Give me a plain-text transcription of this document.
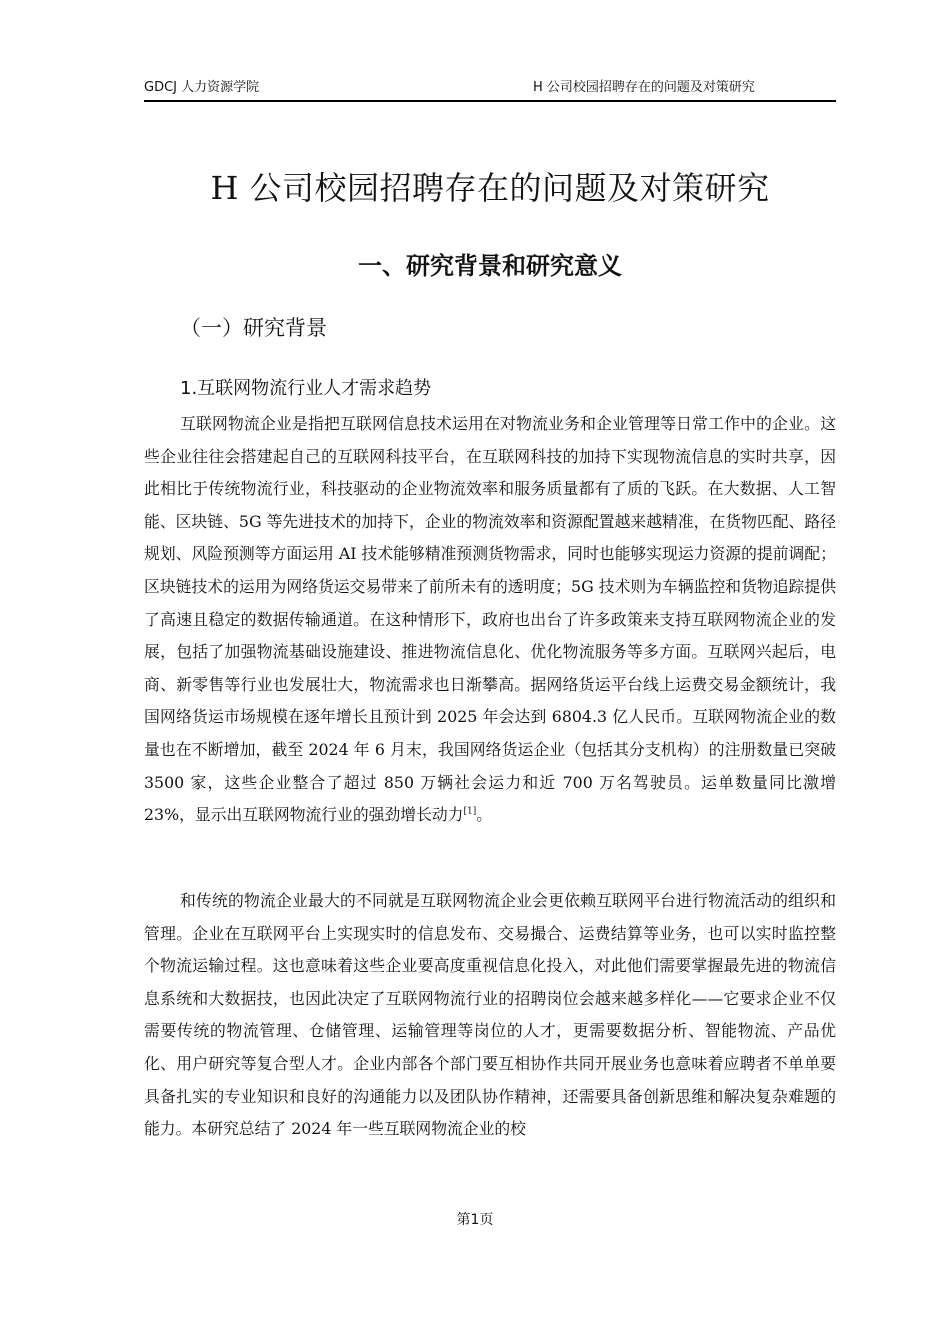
GDCJ 人力资源学院	H 公司校园招聘存在的问题及对策研究
H 公司校园招聘存在的问题及对策研究
一、研究背景和研究意义
（一）研究背景
1.互联网物流行业人才需求趋势

互联网物流企业是指把互联网信息技术运用在对物流业务和企业管理等日常工作中的企业。这些企业往往会搭建起自己的互联网科技平台，在互联网科技的加持下实现物流信息的实时共享，因此相比于传统物流行业，科技驱动的企业物流效率和服务质量都有了质的飞跃。在大数据、人工智能、区块链、5G 等先进技术的加持下，企业的物流效率和资源配置越来越精准，在货物匹配、路径规划、风险预测等方面运用 AI 技术能够精准预测货物需求，同时也能够实现运力资源的提前调配；区块链技术的运用为网络货运交易带来了前所未有的透明度；5G 技术则为车辆监控和货物追踪提供了高速且稳定的数据传输通道。在这种情形下，政府也出台了许多政策来支持互联网物流企业的发展，包括了加强物流基础设施建设、推进物流信息化、优化物流服务等多方面。互联网兴起后，电商、新零售等行业也发展壮大，物流需求也日渐攀高。据网络货运平台线上运费交易金额统计，我国网络货运市场规模在逐年增长且预计到 2025 年会达到 6804.3 亿人民币。互联网物流企业的数量也在不断增加，截至 2024 年 6 月末，我国网络货运企业（包括其分支机构）的注册数量已突破 3500 家，这些企业整合了超过 850 万辆社会运力和近 700 万名驾驶员。运单数量同比激增 23%，显示出互联网物流行业的强劲增长动力[1]。

和传统的物流企业最大的不同就是互联网物流企业会更依赖互联网平台进行物流活动的组织和管理。企业在互联网平台上实现实时的信息发布、交易撮合、运费结算等业务，也可以实时监控整个物流运输过程。这也意味着这些企业要高度重视信息化投入，对此他们需要掌握最先进的物流信息系统和大数据技，也因此决定了互联网物流行业的招聘岗位会越来越多样化——它要求企业不仅需要传统的物流管理、仓储管理、运输管理等岗位的人才，更需要数据分析、智能物流、产品优化、用户研究等复合型人才。企业内部各个部门要互相协作共同开展业务也意味着应聘者不单单要具备扎实的专业知识和良好的沟通能力以及团队协作精神，还需要具备创新思维和解决复杂难题的能力。本研究总结了 2024 年一些互联网物流企业的校

第1页
